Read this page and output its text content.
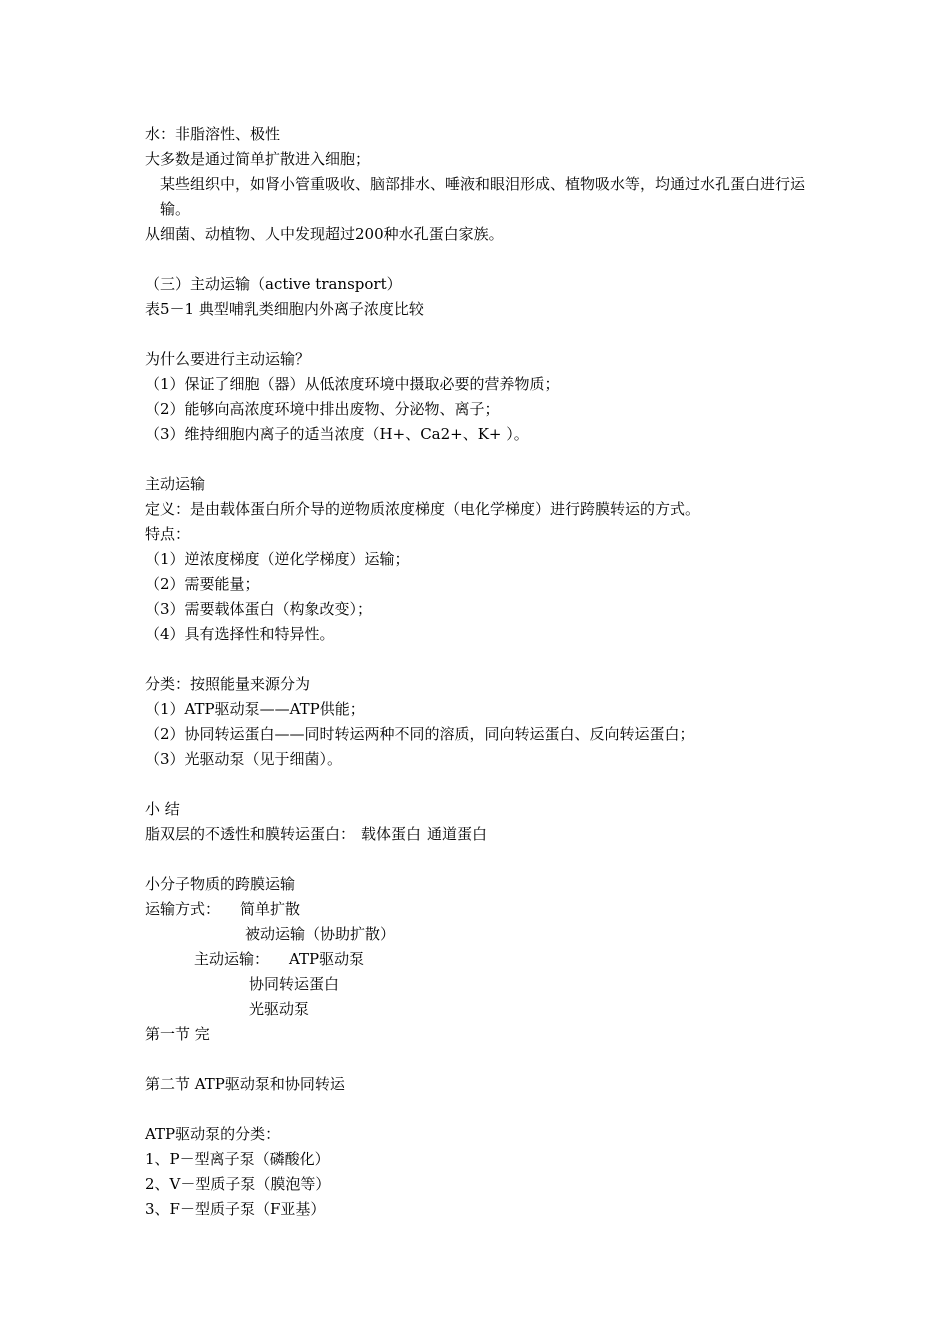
水：非脂溶性、极性
大多数是通过简单扩散进入细胞；
某些组织中，如肾小管重吸收、脑部排水、唾液和眼泪形成、植物吸水等，均通过水孔蛋白进行运输。
从细菌、动植物、人中发现超过200种水孔蛋白家族。
（三）主动运输（active transport）
表5－1 典型哺乳类细胞内外离子浓度比较
为什么要进行主动运输？
（1）保证了细胞（器）从低浓度环境中摄取必要的营养物质；
（2）能够向高浓度环境中排出废物、分泌物、离子；
（3）维持细胞内离子的适当浓度（H+、Ca2+、K+ ）。
主动运输
定义：是由载体蛋白所介导的逆物质浓度梯度（电化学梯度）进行跨膜转运的方式。
特点：
（1）逆浓度梯度（逆化学梯度）运输；
（2）需要能量；
（3）需要载体蛋白（构象改变）；
（4）具有选择性和特异性。
分类：按照能量来源分为
（1）ATP驱动泵——ATP供能；
（2）协同转运蛋白——同时转运两种不同的溶质，同向转运蛋白、反向转运蛋白；
（3）光驱动泵（见于细菌）。
小 结
脂双层的不透性和膜转运蛋白： 载体蛋白 通道蛋白
小分子物质的跨膜运输
运输方式： 简单扩散
被动运输（协助扩散）
主动运输： ATP驱动泵
协同转运蛋白
光驱动泵
第一节 完
第二节 ATP驱动泵和协同转运
ATP驱动泵的分类：
1、P－型离子泵（磷酸化）
2、V－型质子泵（膜泡等）
3、F－型质子泵（F亚基）
